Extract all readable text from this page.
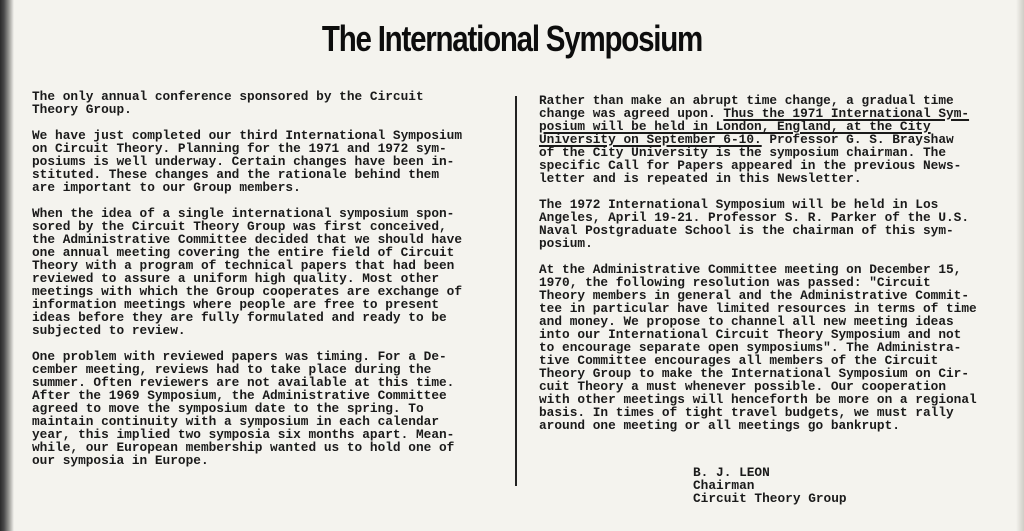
The International Symposium

The only annual conference sponsored by the Circuit
Theory Group.

We have just completed our third International Symposium
on Circuit Theory. Planning for the 1971 and 1972 sym-
posiums is well underway. Certain changes have been in-
stituted. These changes and the rationale behind them
are important to our Group members.

When the idea of a single international symposium spon-
sored by the Circuit Theory Group was first conceived,
the Administrative Committee decided that we should have
one annual meeting covering the entire field of Circuit
Theory with a program of technical papers that had been
reviewed to assure a uniform high quality. Most other
meetings with which the Group cooperates are exchange of
information meetings where people are free to present
ideas before they are fully formulated and ready to be
subjected to review.

One problem with reviewed papers was timing. For a De-
cember meeting, reviews had to take place during the
summer. Often reviewers are not available at this time.
After the 1969 Symposium, the Administrative Committee
agreed to move the symposium date to the spring. To
maintain continuity with a symposium in each calendar
year, this implied two symposia six months apart. Mean-
while, our European membership wanted us to hold one of
our symposia in Europe.

Rather than make an abrupt time change, a gradual time
change was agreed upon. Thus the 1971 International Sym-
posium will be held in London, England, at the City
University on September 6-10. Professor G. S. Brayshaw
of the City University is the symposium chairman. The
specific Call for Papers appeared in the previous News-
letter and is repeated in this Newsletter.

The 1972 International Symposium will be held in Los
Angeles, April 19-21. Professor S. R. Parker of the U.S.
Naval Postgraduate School is the chairman of this sym-
posium.

At the Administrative Committee meeting on December 15,
1970, the following resolution was passed: "Circuit
Theory members in general and the Administrative Commit-
tee in particular have limited resources in terms of time
and money. We propose to channel all new meeting ideas
into our International Circuit Theory Symposium and not
to encourage separate open symposiums". The Administra-
tive Committee encourages all members of the Circuit
Theory Group to make the International Symposium on Cir-
cuit Theory a must whenever possible. Our cooperation
with other meetings will henceforth be more on a regional
basis. In times of tight travel budgets, we must rally
around one meeting or all meetings go bankrupt.

B. J. LEON
Chairman
Circuit Theory Group
